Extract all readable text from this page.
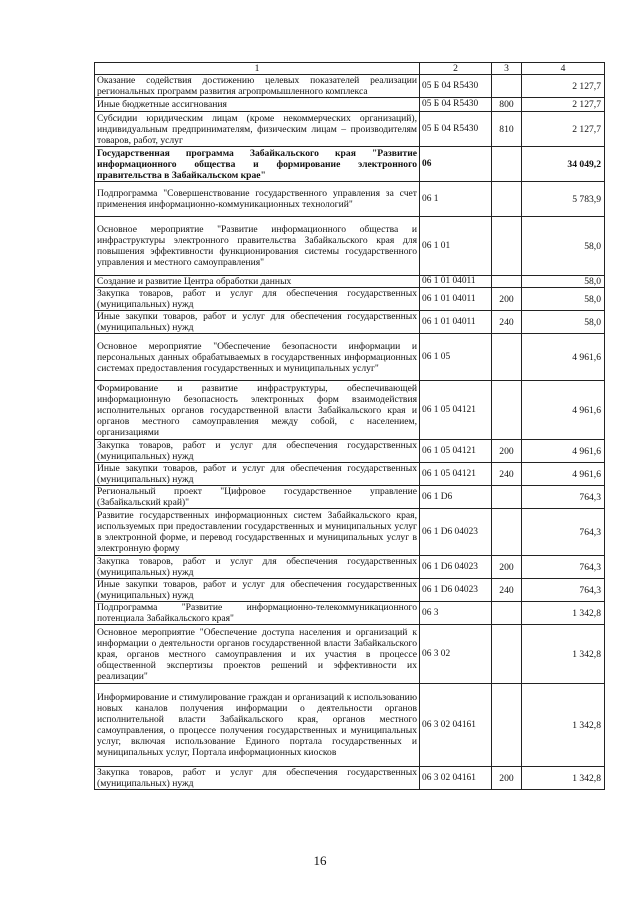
1	2	3	4
Оказание содействия достижению целевых показателей реализации региональных программ развития агропромышленного комплекса	05 Б 04 R5430		2 127,7
Иные бюджетные ассигнования	05 Б 04 R5430	800	2 127,7
Субсидии юридическим лицам (кроме некоммерческих организаций), индивидуальным предпринимателям, физическим лицам – производителям товаров, работ, услуг	05 Б 04 R5430	810	2 127,7
Государственная программа Забайкальского края "Развитие информационного общества и формирование электронного правительства в Забайкальском крае"	06		34 049,2
Подпрограмма "Совершенствование государственного управления за счет применения информационно-коммуникационных технологий"	06 1		5 783,9
Основное мероприятие "Развитие информационного общества и инфраструктуры электронного правительства Забайкальского края для повышения эффективности функционирования системы государственного управления и местного самоуправления"	06 1 01		58,0
Создание и развитие Центра обработки данных	06 1 01 04011		58,0
Закупка товаров, работ и услуг для обеспечения государственных (муниципальных) нужд	06 1 01 04011	200	58,0
Иные закупки товаров, работ и услуг для обеспечения государственных (муниципальных) нужд	06 1 01 04011	240	58,0
Основное мероприятие "Обеспечение безопасности информации и персональных данных обрабатываемых в государственных информационных системах предоставления государственных и муниципальных услуг"	06 1 05		4 961,6
Формирование и развитие инфраструктуры, обеспечивающей информационную безопасность электронных форм взаимодействия исполнительных органов государственной власти Забайкальского края и органов местного самоуправления между собой, с населением, организациями	06 1 05 04121		4 961,6
Закупка товаров, работ и услуг для обеспечения государственных (муниципальных) нужд	06 1 05 04121	200	4 961,6
Иные закупки товаров, работ и услуг для обеспечения государственных (муниципальных) нужд	06 1 05 04121	240	4 961,6
Региональный проект "Цифровое государственное управление (Забайкальский край)"	06 1 D6		764,3
Развитие государственных информационных систем Забайкальского края, используемых при предоставлении государственных и муниципальных услуг в электронной форме, и перевод государственных и муниципальных услуг в электронную форму	06 1 D6 04023		764,3
Закупка товаров, работ и услуг для обеспечения государственных (муниципальных) нужд	06 1 D6 04023	200	764,3
Иные закупки товаров, работ и услуг для обеспечения государственных (муниципальных) нужд	06 1 D6 04023	240	764,3
Подпрограмма "Развитие информационно-телекоммуникационного потенциала Забайкальского края"	06 3		1 342,8
Основное мероприятие "Обеспечение доступа населения и организаций к информации о деятельности органов государственной власти Забайкальского края, органов местного самоуправления и их участия в процессе общественной экспертизы проектов решений и эффективности их реализации"	06 3 02		1 342,8
Информирование и стимулирование граждан и организаций к использованию новых каналов получения информации о деятельности органов исполнительной власти Забайкальского края, органов местного самоуправления, о процессе получения государственных и муниципальных услуг, включая использование Единого портала государственных и муниципальных услуг, Портала информационных киосков	06 3 02 04161		1 342,8
Закупка товаров, работ и услуг для обеспечения государственных (муниципальных) нужд	06 3 02 04161	200	1 342,8
16
